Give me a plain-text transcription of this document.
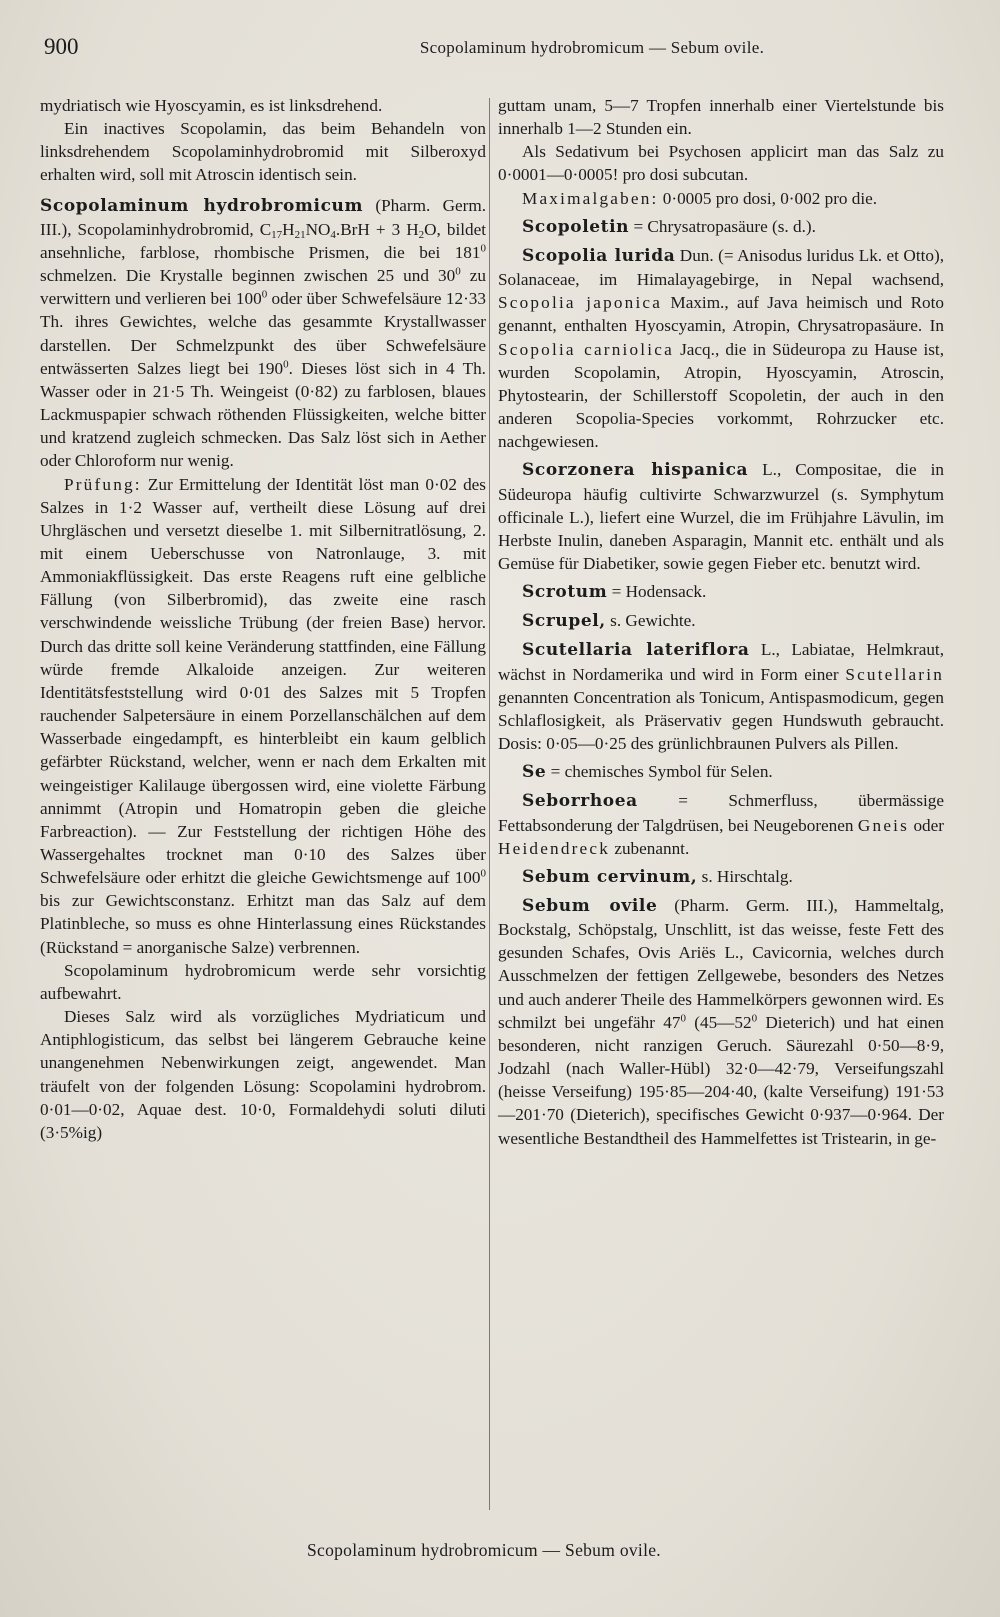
900	Scopolaminum hydrobromicum — Sebum ovile.

mydriatisch wie Hyoscyamin, es ist linksdrehend.

Ein inactives Scopolamin, das beim Behandeln von linksdrehendem Scopolaminhydrobromid mit Silberoxyd erhalten wird, soll mit Atroscin identisch sein.

Scopolaminum hydrobromicum (Pharm. Germ. III.), Scopolaminhydrobromid, $C_{17}H_{21}NO_4.BrH + 3$ $H_2O$, bildet ansehnliche, farblose, rhombische Prismen, die bei $181^0$ schmelzen. Die Krystalle beginnen zwischen 25 und $30^0$ zu verwittern und verlieren bei $100^0$ oder über Schwefelsäure 12·33 Th. ihres Gewichtes, welche das gesammte Krystallwasser darstellen. Der Schmelzpunkt des über Schwefelsäure entwässerten Salzes liegt bei $190^0$. Dieses löst sich in 4 Th. Wasser oder in 21·5 Th. Weingeist (0·82) zu farblosen, blaues Lackmuspapier schwach röthenden Flüssigkeiten, welche bitter und kratzend zugleich schmecken. Das Salz löst sich in Aether oder Chloroform nur wenig.

Prüfung: Zur Ermittelung der Identität löst man 0·02 des Salzes in 1·2 Wasser auf, vertheilt diese Lösung auf drei Uhrgläschen und versetzt dieselbe 1. mit Silbernitratlösung, 2. mit einem Ueberschusse von Natronlauge, 3. mit Ammoniakflüssigkeit. Das erste Reagens ruft eine gelbliche Fällung (von Silberbromid), das zweite eine rasch verschwindende weissliche Trübung (der freien Base) hervor. Durch das dritte soll keine Veränderung stattfinden, eine Fällung würde fremde Alkaloide anzeigen. Zur weiteren Identitätsfeststellung wird 0·01 des Salzes mit 5 Tropfen rauchender Salpetersäure in einem Porzellanschälchen auf dem Wasserbade eingedampft, es hinterbleibt ein kaum gelblich gefärbter Rückstand, welcher, wenn er nach dem Erkalten mit weingeistiger Kalilauge übergossen wird, eine violette Färbung annimmt (Atropin und Homatropin geben die gleiche Farbreaction). — Zur Feststellung der richtigen Höhe des Wassergehaltes trocknet man 0·10 des Salzes über Schwefelsäure oder erhitzt die gleiche Gewichtsmenge auf $100^0$ bis zur Gewichtsconstanz. Erhitzt man das Salz auf dem Platinbleche, so muss es ohne Hinterlassung eines Rückstandes (Rückstand = anorganische Salze) verbrennen.

Scopolaminum hydrobromicum werde sehr vorsichtig aufbewahrt.

Dieses Salz wird als vorzügliches Mydriaticum und Antiphlogisticum, das selbst bei längerem Gebrauche keine unangenehmen Nebenwirkungen zeigt, angewendet. Man träufelt von der folgenden Lösung: Scopolamini hydrobrom. 0·01—0·02, Aquae dest. 10·0, Formaldehydi soluti diluti (3·5%ig)

guttam unam, 5—7 Tropfen innerhalb einer Viertelstunde bis innerhalb 1—2 Stunden ein.

Als Sedativum bei Psychosen applicirt man das Salz zu 0·0001—0·0005! pro dosi subcutan.

Maximalgaben: 0·0005 pro dosi, 0·002 pro die.

Scopoletin = Chrysatropasäure (s. d.).

Scopolia lurida Dun. (= Anisodus luridus Lk. et Otto), Solanaceae, im Himalayagebirge, in Nepal wachsend, Scopolia japonica Maxim., auf Java heimisch und Roto genannt, enthalten Hyoscyamin, Atropin, Chrysatropasäure. In Scopolia carniolica Jacq., die in Südeuropa zu Hause ist, wurden Scopolamin, Atropin, Hyoscyamin, Atroscin, Phytostearin, der Schillerstoff Scopoletin, der auch in den anderen Scopolia-Species vorkommt, Rohrzucker etc. nachgewiesen.

Scorzonera hispanica L., Compositae, die in Südeuropa häufig cultivirte Schwarzwurzel (s. Symphytum officinale L.), liefert eine Wurzel, die im Frühjahre Lävulin, im Herbste Inulin, daneben Asparagin, Mannit etc. enthält und als Gemüse für Diabetiker, sowie gegen Fieber etc. benutzt wird.

Scrotum = Hodensack.

Scrupel, s. Gewichte.

Scutellaria lateriflora L., Labiatae, Helmkraut, wächst in Nordamerika und wird in Form einer Scutellarin genannten Concentration als Tonicum, Antispasmodicum, gegen Schlaflosigkeit, als Präservativ gegen Hundswuth gebraucht. Dosis: 0·05—0·25 des grünlichbraunen Pulvers als Pillen.

Se = chemisches Symbol für Selen.

Seborrhoea = Schmerfluss, übermässige Fettabsonderung der Talgdrüsen, bei Neugeborenen Gneis oder Heidendreck zubenannt.

Sebum cervinum, s. Hirschtalg.

Sebum ovile (Pharm. Germ. III.), Hammeltalg, Bockstalg, Schöpstalg, Unschlitt, ist das weisse, feste Fett des gesunden Schafes, Ovis Ariës L., Cavicornia, welches durch Ausschmelzen der fettigen Zellgewebe, besonders des Netzes und auch anderer Theile des Hammelkörpers gewonnen wird. Es schmilzt bei ungefähr $47^0$ ($45—52^0$ Dieterich) und hat einen besonderen, nicht ranzigen Geruch. Säurezahl 0·50—8·9, Jodzahl (nach Waller-Hübl) 32·0—42·79, Verseifungszahl (heisse Verseifung) 195·85—204·40, (kalte Verseifung) 191·53—201·70 (Dieterich), specifisches Gewicht 0·937—0·964. Der wesentliche Bestandtheil des Hammelfettes ist Tristearin, in ge-

Scopolaminum hydrobromicum — Sebum ovile.
